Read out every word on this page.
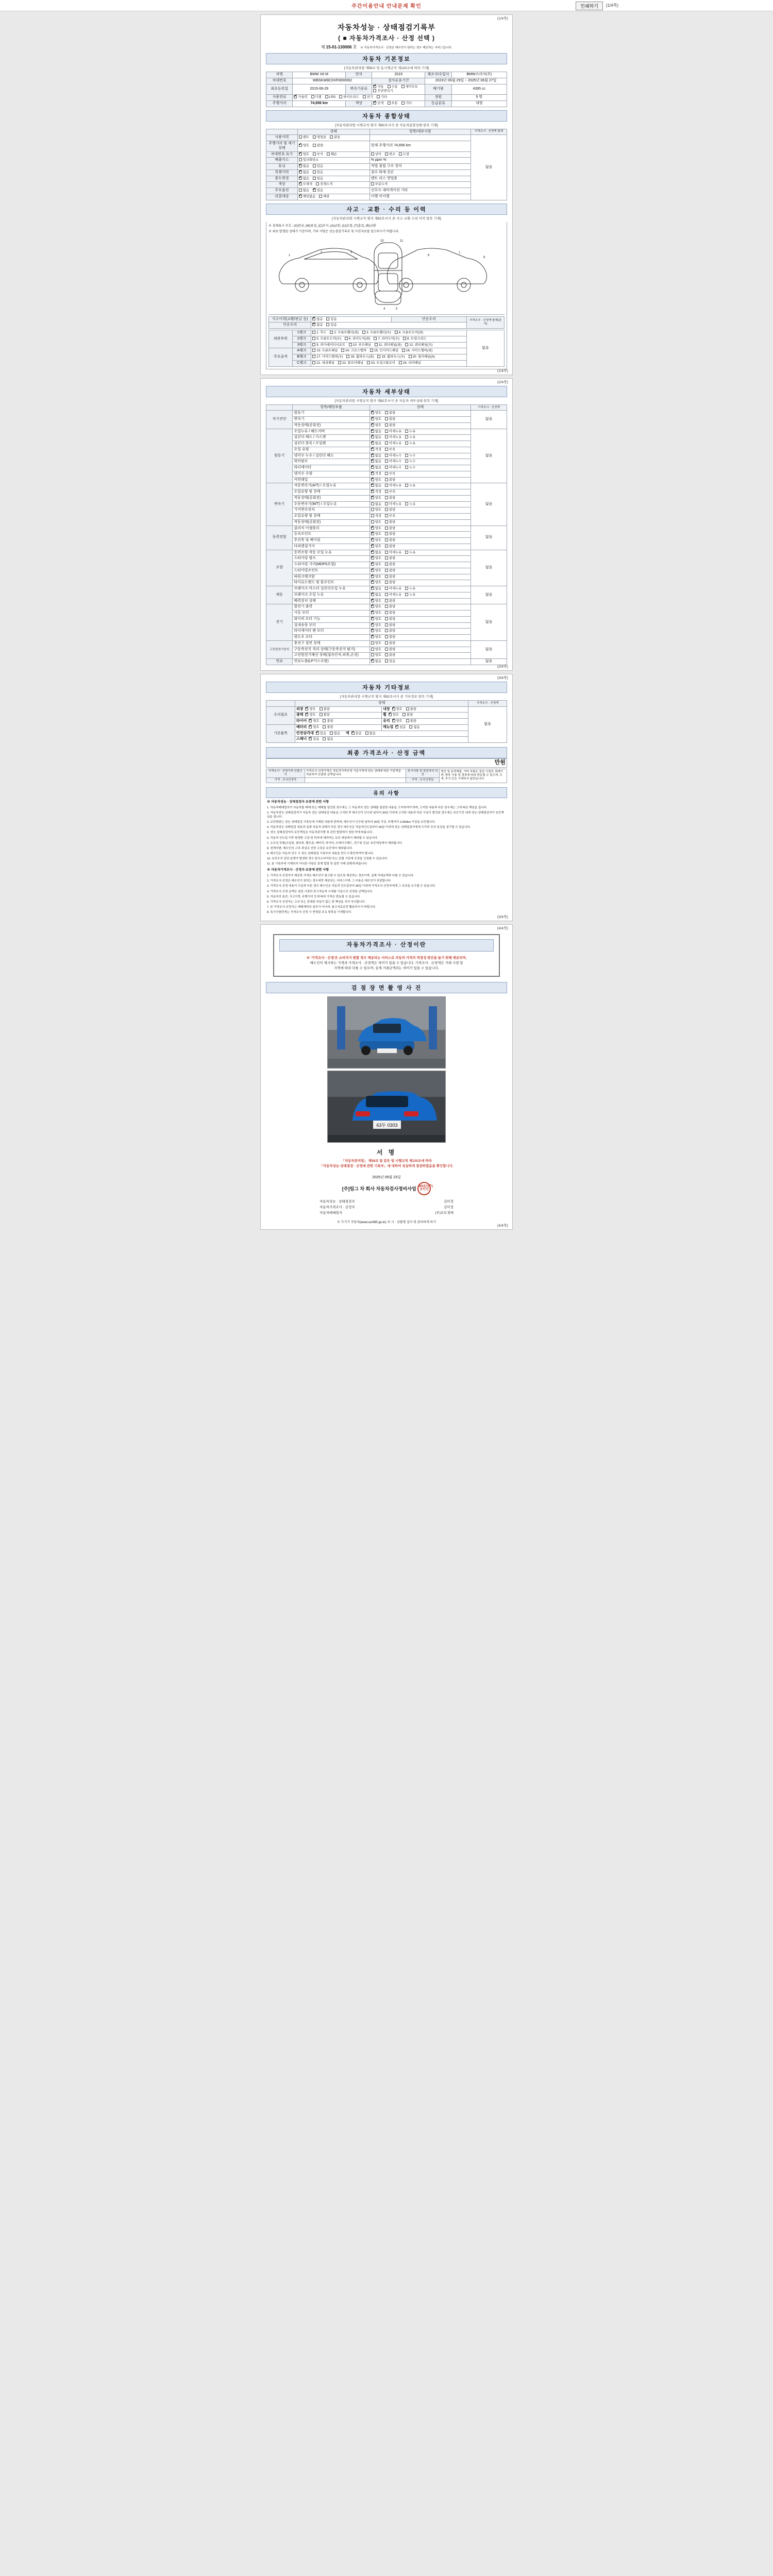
주간이용안내 안내문제 확인	인쇄하기	(1/4쪽)
(1/4쪽)
자동차성능 · 상태점검기록부
( ■ 자동차가격조사 · 산정 선택 )
제 15-01-130006 호 ※ 자동차가격조사 · 산정은 매수인이 원하는 경우 제공하는 서비스입니다.
자동차 기본정보
[자동차관리법 제58조 및 동시행규칙 제120조에 따라 기재]
차명	BMW X6 M	연식	2015	제조사/수입사	BMW코리아(주)
차대번호	WBSKW8C0XF0000062		검사유효기간	2023년 06월 29일 ~ 2025년 06월 27일	
최초등록일	2015-06-29	변속기종류	✔자동 수동 세미오토 무단변속기	배기량	4395 cc
사용연료	✔가솔린 디젤 LPG 하이브리드 전기 기타			정원	5 명
주행거리	74,656 km	색상	✔단색 투톤 기타	등급분류	대형
자동차 종합상태
[자동차관리법 시행규칙 별지 제82호서식 중 자동차종합상태 항목 기재]
	상태	항목/세부사항	가격조사 · 산정액 합계
사용이력	렌트 영업용 관용		없음
주행거리 및 계기상태	✔양호 불량	현재 주행거리 74,656 km	
차대번호 표기	✔양호 부식 훼손	상이 변조 도말	
배출가스	일산화탄소	% ppm %	
튜닝	✔없음 있음	적법 불법 구조 장치	
특별이력	✔없음 있음	침수 화재 전손	
용도변경	✔없음 있음	렌트 리스 영업용	
색상	✔무채색 전체도색	부분도색	
주요옵션	없음 ✔ 있음	선루프 내비게이션 기타	
리콜대상	✔해당없음 해당	이행 미이행	
사고 · 교환 · 수리 등 이력
[자동차관리법 시행규칙 별지 제82호서식 중 사고·교환·수리 이력 항목 기재]
※ 상태표시 부호 : (X)판금, (W)용접, (C)부식, (A)긁힘, (U)요철, (T)흠집, (R)교환
※ 최초 발생된 상태가 기준이며, 기타 사항은 성능점검기록부 및 사진자료를 참고하시기 바랍니다.
1
2	3
10	11
6
7
8
4	5
사고이력(교환/판금 등)	✔없음 있음	단순수리	가격조사 · 산정액 합계(감가)
단순수리	✔없음 있음
외판부위	1랭크	1. 후드 2. 프론트휀더(좌) 3. 프론트휀더(우) 4. 프론트도어(좌)	없음
	2랭크	5. 프론트도어(우) 6. 리어도어(좌) 7. 리어도어(우) 8. 트렁크리드	
	3랭크	9. 라디에이터서포트 10. 루프패널 11. 쿼터패널(좌) 12. 쿼터패널(우)	
주요골격	A랭크	13. 프론트패널 14. 크로스멤버 15. 인사이드패널 16. 사이드멤버(좌)	
	B랭크	17. 사이드멤버(우) 18. 휠하우스(좌) 19. 휠하우스(우) 20. 필러패널(A)	
	C랭크	21. 대쉬패널 22. 플로어패널 23. 트렁크플로어 24. 리어패널	
(1/4쪽)
(2/4쪽)
자동차 세부상태
[자동차관리법 시행규칙 별지 제82호서식 중 자동차 세부상태 항목 기재]
	항목/해당부품	상태	가격조사 · 산정액
자기진단	원동기	✔양호 불량	없음
	변속기	✔양호 불량
	작동상태(공회전)	✔양호 불량
원동기	오일누유 / 헤드커버	✔없음 미세누유 누유	없음
	실린더 헤드 / 가스켓	✔없음 미세누유 누유
	실린더 블록 / 오일팬	✔없음 미세누유 누유
	오일 유량	✔적정 부족
	냉각수 누수 / 실린더 헤드	✔없음 미세누수 누수
	워터펌프	✔없음 미세누수 누수
	라디에이터	✔없음 미세누수 누수
	냉각수 수량	✔적정 부족
	커먼레일	✔양호 불량
변속기	자동변속기(A/T) / 오일누유	✔없음 미세누유 누유	없음
	오일유량 및 상태	✔적정 부족
	작동상태(공회전)	✔양호 불량
	수동변속기(M/T) / 오일누유	없음 미세누유 누유	
	기어변속장치	양호 불량	
	오일유량 및 상태	적정 부족	
	작동상태(공회전)	양호 불량	
동력전달	클러치 어셈블리	✔양호 불량	없음
	등속조인트	✔양호 불량
	추진축 및 베어링	✔양호 불량
	디퍼렌셜기어	✔양호 불량
조향	동력조향 작동 오일 누유	✔없음 미세누유 누유	없음
	스티어링 펌프	✔양호 불량
	스티어링 기어(MDPS포함)	✔양호 불량
	스티어링조인트	✔양호 불량
	파워크랭크암	✔양호 불량
	타이로드엔드 및 볼조인트	✔양호 불량
제동	브레이크 마스터 실린더오일 누유	✔없음 미세누유 누유	없음
	브레이크 오일 누유	✔없음 미세누유 누유
	배력장치 상태	✔양호 불량
전기	발전기 출력	✔양호 불량	없음
	시동 모터	✔양호 불량
	와이퍼 모터 기능	✔양호 불량
	실내송풍 모터	✔양호 불량
	라디에이터 팬 모터	✔양호 불량
	윈도우 모터	✔양호 불량
고전원전기장치	충전구 절연 상태	양호 불량	없음
	구동축전지 격리 상태(구동축전지 탈거)	양호 불량	
	고전원전기배선 상태(접속단자,피복,손상)	양호 불량	
연료	연료누출(LP가스포함)	✔없음 있음	없음
(2/4쪽)
(3/4쪽)
자동차 기타정보
[자동차관리법 시행규칙 별지 제82호서식 중 기타정보 항목 기재]
	상태		가격조사 · 산정액
수리필요	외장 ✔ 양호 불량	내장 ✔ 양호 불량	없음
	광택 ✔ 양호 불량	휠 ✔ 양호 불량
	타이어 ✔ 양호 불량	유리 ✔ 양호 불량
기본품목	배터리 ✔ 양호 불량	매뉴얼 ✔ 있음 없음
	안전삼각대 ✔ 있음 없음 잭 ✔ 있음 없음
	스패너 ✔ 있음 없음
최종 가격조사 · 산정 금액
만원
가격조사 · 산정가격 산출근거	가격조사·산정가격은 자동차가격산정 기준가격에 성능·상태에 따른 가감액을 적용하여 산출한 금액입니다.	특기사항 및 점검자의 의견	엔진 및 동력계통, 기타 부품은 점검 시점의 상태이며, 향후 사용 및 경과에 따라 변동될 수 있으며, 도색, 부식 등은 기재되지 않았습니다.
가격 · 조사산정자		가격 · 조사산정일	
유의 사항
※ 자동차성능 · 상태점검자 보증에 관한 사항

1. 자동차매매업자가 자동차를 매매 또는 매매를 알선한 경우에는 그 자동차의 성능·상태를 점검한 내용을 고지하여야 하며, 고지한 내용과 다른 경우에는 그에 따른 책임을 집니다.

2. 자동차성능·상태점검자가 자동차 성능·상태점검 내용을 고지한 후 매수인이 인수한 날부터 30일 이내에 고지한 내용과 다른 사실이 발견된 경우에는 보증기간 내에 성능·상태점검자가 보증책임을 집니다.

3. 보증범위는 성능·상태점검 기록부에 기재된 내용에 한하며, 매수인이 인수한 날부터 30일 이상, 주행거리 2,000km 이상을 보증합니다.

4. 자동차성능·상태점검 내용과 실제 자동차 상태가 다른 경우 매수인은 자동차인도일부터 30일 이내에 성능·상태점검자에게 수리비 등의 보상을 청구할 수 있습니다.

5. 성능·상태점검자의 보증책임은 자동차관리법 및 관련 법령에서 정한 바에 따릅니다.

6. 자동차 인도일 이후 발생한 고장 및 하자에 대하여는 보증 대상에서 제외될 수 있습니다.

7. 소모성 부품(오일류, 필터류, 벨트류, 배터리, 타이어, 브레이크패드, 전구류 등)은 보증대상에서 제외됩니다.

8. 천재지변, 매수인의 고의·과실로 인한 고장은 보증에서 제외됩니다.

9. 매수인은 자동차 인수 시 성능·상태점검 기록부의 내용을 반드시 확인하여야 합니다.

10. 보증수리 관련 분쟁이 발생한 경우 한국소비자원 또는 관할 기관에 조정을 신청할 수 있습니다.

11. 본 기록부에 기재되지 아니한 사항은 관계 법령 및 일반 거래 관행에 따릅니다.

※ 자동차가격조사 · 산정자 보증에 관한 사항

1. 가격조사·산정자가 제공한 가격은 매수인이 참고할 수 있도록 제공하는 정보이며, 실제 거래금액과 다를 수 있습니다.

2. 가격조사·산정은 매수인이 원하는 경우에만 제공되는 서비스이며, 그 비용은 매수인이 부담합니다.

3. 가격조사·산정 내용이 사실과 다른 경우 매수인은 자동차 인도일부터 30일 이내에 가격조사·산정자에게 그 보상을 요구할 수 있습니다.

4. 가격조사·산정 금액은 점검 시점의 중고자동차 시세를 기준으로 산정된 금액입니다.

5. 자동차의 옵션, 사고이력, 주행거리 등에 따라 가격은 변동될 수 있습니다.

6. 가격조사·산정자는 고의 또는 중대한 과실이 없는 한 책임을 지지 아니합니다.

7. 본 가격조사·산정서는 매매계약의 일부가 아니며, 참고자료로만 활용하시기 바랍니다.

8. 특기사항란에는 가격조사·산정 시 반영된 주요 항목을 기재합니다.

(3/4쪽)
(4/4쪽)
자동차가격조사 · 산정이란
※ '가격조사 · 산정'은 소비자가 원할 경우 제공되는 서비스로 자동차 가격의 적정성 판단을 돕기 위해 제공되며,
매도인이 제시하는 가격과 가격조사 · 산정액은 차이가 있을 수 있습니다. 가격조사 · 산정액은 거래 시점 및
지역에 따라 다를 수 있으며, 실제 거래금액과는 차이가 있을 수 있습니다.
검 점 장 면 촬 영 사 진
63두 0303
서 명
「자동차관리법」 제58조 및 같은 법 시행규칙 제120조에 따라
「자동차성능·상태점검 · 산정에 관한 기록부」에 대하여 성실하게 점검하였음을 확인합니다.
2025년 09월 23일
[주]팀그 차 회사 자동차검사정비사업 WKEY(주) 공인인
자동차성능 · 상태점검자	김이정
자동차가격조사 · 산정자	김이정
자동차매매업자	(주)오토경매
※ 가기기 자동차(www.car365.go.kr) 자 시 · 상품형 검사 및 관리하게 하기
(4/4쪽)
